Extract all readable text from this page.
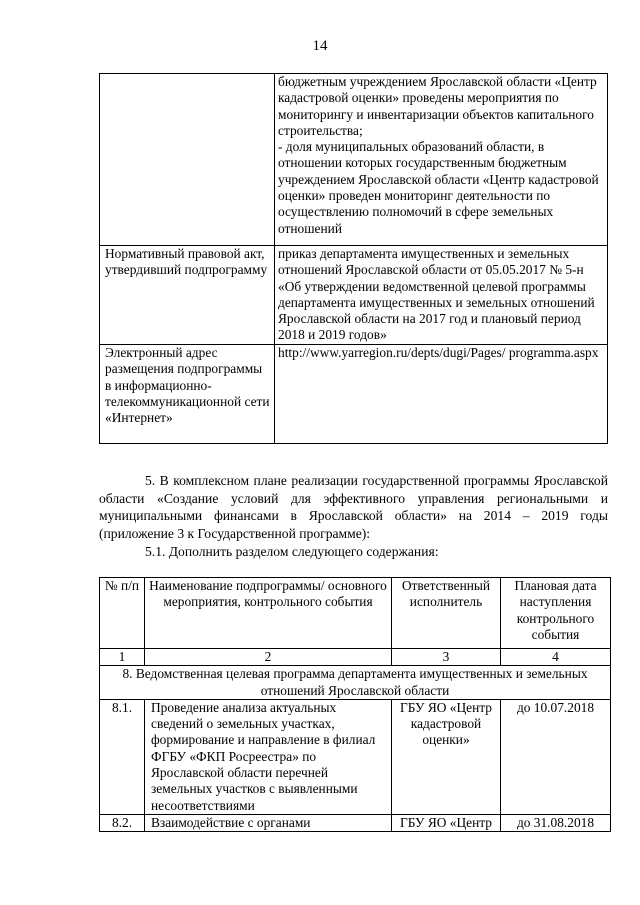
14

	бюджетным учреждением Ярославской области «Центр кадастровой оценки» проведены мероприятия по мониторингу и инвентаризации объектов капитального строительства;
- доля муниципальных образований области, в отношении которых государственным бюджетным учреждением Ярославской области «Центр кадастровой оценки» проведен мониторинг деятельности по осуществлению полномочий в сфере земельных отношений

Нормативный правовой акт, утвердивший подпрограмму	приказ департамента имущественных и земельных отношений Ярославской области от 05.05.2017 № 5-н «Об утверждении ведомственной целевой программы департамента имущественных и земельных отношений Ярославской области на 2017 год и плановый период 2018 и 2019 годов»
Электронный адрес размещения подпрограммы в информационно-телекоммуникационной сети «Интернет»	http://www.yarregion.ru/depts/dugi/Pages/ programma.aspx
5. В комплексном плане реализации государственной программы Ярославской области «Создание условий для эффективного управления региональными и муниципальными финансами в Ярославской области» на 2014 – 2019 годы (приложение 3 к Государственной программе):
5.1. Дополнить разделом следующего содержания:
№ п/п	Наименование подпрограммы/ основного мероприятия, контрольного события	Ответственный исполнитель	Плановая дата наступления контрольного события
1	2	3	4
8. Ведомственная целевая программа департамента имущественных и земельных отношений Ярославской области			
8.1.	Проведение анализа актуальных сведений о земельных участках, формирование и направление в филиал ФГБУ «ФКП Росреестра» по Ярославской области перечней земельных участков с выявленными несоответствиями	ГБУ ЯО «Центр кадастровой оценки»	до 10.07.2018
8.2.	Взаимодействие с органами	ГБУ ЯО «Центр	до 31.08.2018
